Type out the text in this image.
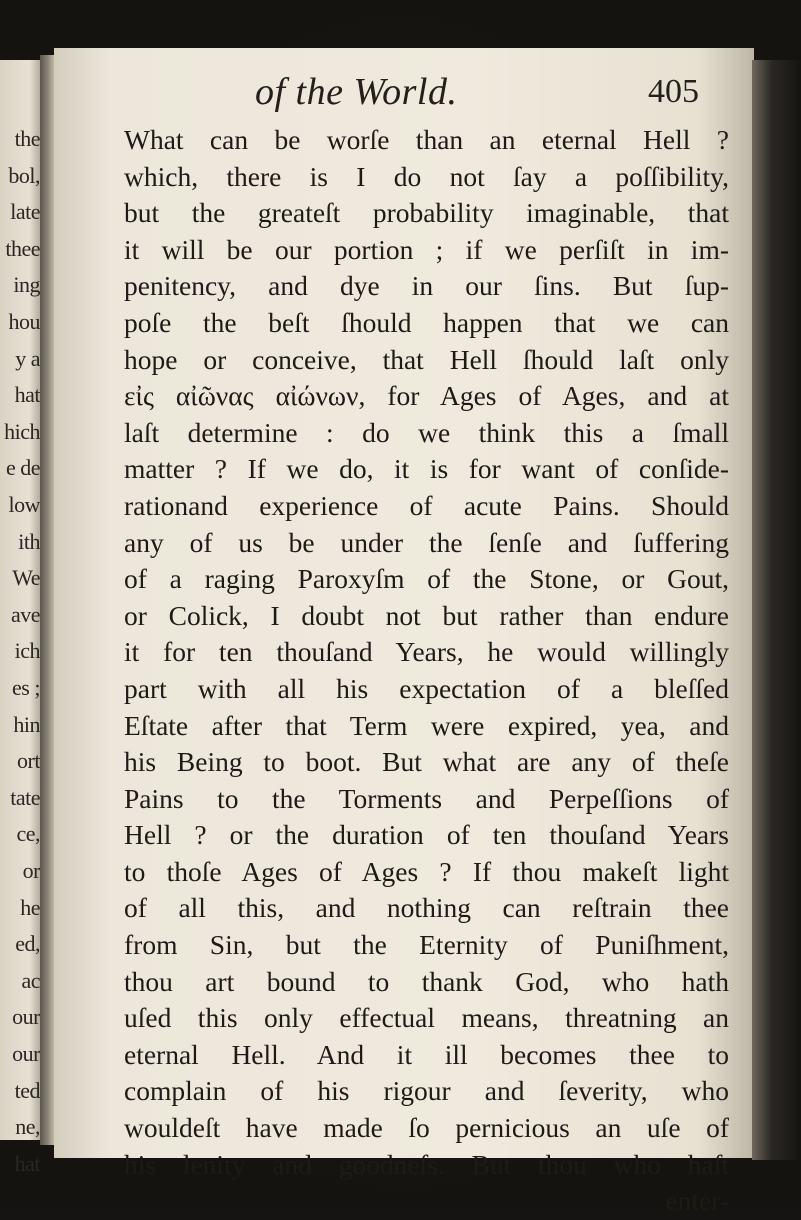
the
bol,
late
thee
ing
hou
y a
hat
hich
e de
low
ith
We
ave
ich
es ;
hin
ort
tate
ce,
or
he
ed,
ac
our
our
ted
ne,
hat
of the World.	405
What can be worſe than an eternal Hell ?
which, there is I do not ſay a poſſibility,
but the greateſt probability imaginable, that
it will be our portion ; if we perſiſt in im-
penitency, and dye in our ſins. But ſup-
poſe the beſt ſhould happen that we can
hope or conceive, that Hell ſhould laſt only
εἰς αἰῶνας αἰώνων, for Ages of Ages, and at
laſt determine : do we think this a ſmall
matter ? If we do, it is for want of conſide-
rationand experience of acute Pains. Should
any of us be under the ſenſe and ſuffering
of a raging Paroxyſm of the Stone, or Gout,
or Colick, I doubt not but rather than endure
it for ten thouſand Years, he would willingly
part with all his expectation of a bleſſed
Eſtate after that Term were expired, yea, and
his Being to boot. But what are any of theſe
Pains to the Torments and Perpeſſions of
Hell ? or the duration of ten thouſand Years
to thoſe Ages of Ages ? If thou makeſt light
of all this, and nothing can reſtrain thee
from Sin, but the Eternity of Puniſhment,
thou art bound to thank God, who hath
uſed this only effectual means, threatning an
eternal Hell. And it ill becomes thee to
complain of his rigour and ſeverity, who
wouldeſt have made ſo pernicious an uſe of
his lenity and goodneſs. But thou who haſt
enter-
